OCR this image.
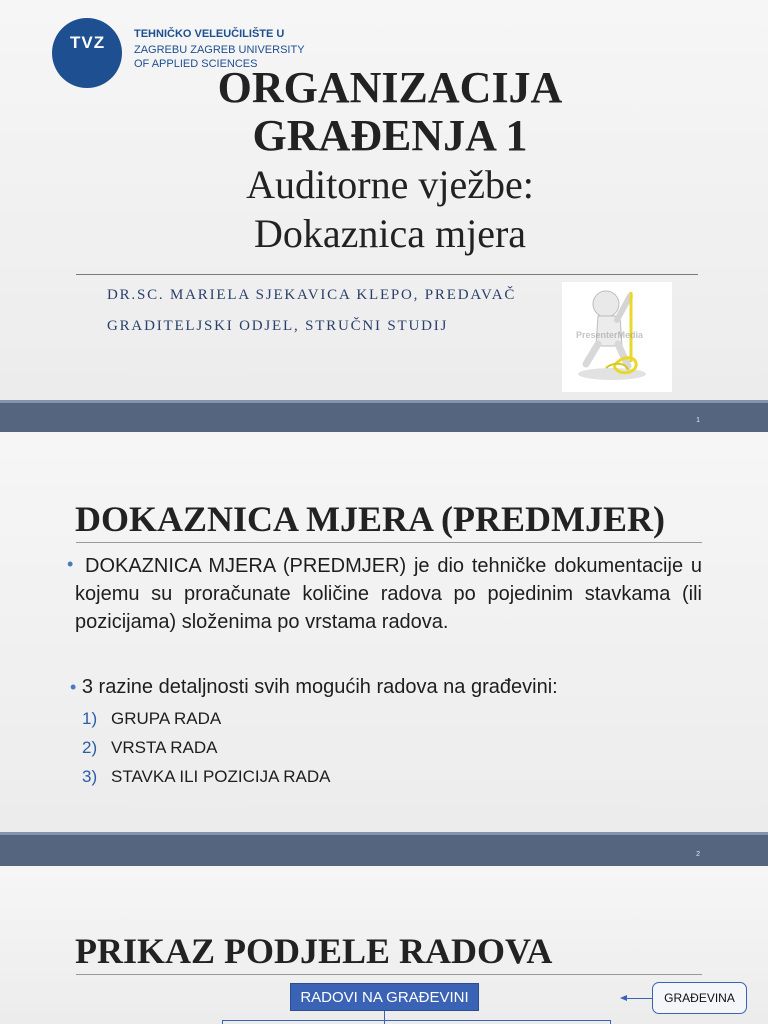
TVZ	TEHNIČKO VELEUČILIŠTE U
ZAGREBU ZAGREB UNIVERSITY
OF APPLIED SCIENCES
ORGANIZACIJA
GRAĐENJA 1
Auditorne vježbe:
Dokaznica mjera
DR.SC. MARIELA SJEKAVICA KLEPO, PREDAVAČ
GRADITELJSKI ODJEL, STRUČNI STUDIJ
PresenterMedia
1
DOKAZNICA MJERA (PREDMJER)

• DOKAZNICA MJERA (PREDMJER) je dio tehničke dokumentacije u kojemu su proračunate količine radova po pojedinim stavkama (ili pozicijama) složenima po vrstama radova.

• 3 razine detaljnosti svih mogućih radova na građevini:

1) GRUPA RADA
2) VRSTA RADA
3) STAVKA ILI POZICIJA RADA
2
PRIKAZ PODJELE RADOVA
RADOVI NA GRAĐEVINI	GRAĐEVINA
